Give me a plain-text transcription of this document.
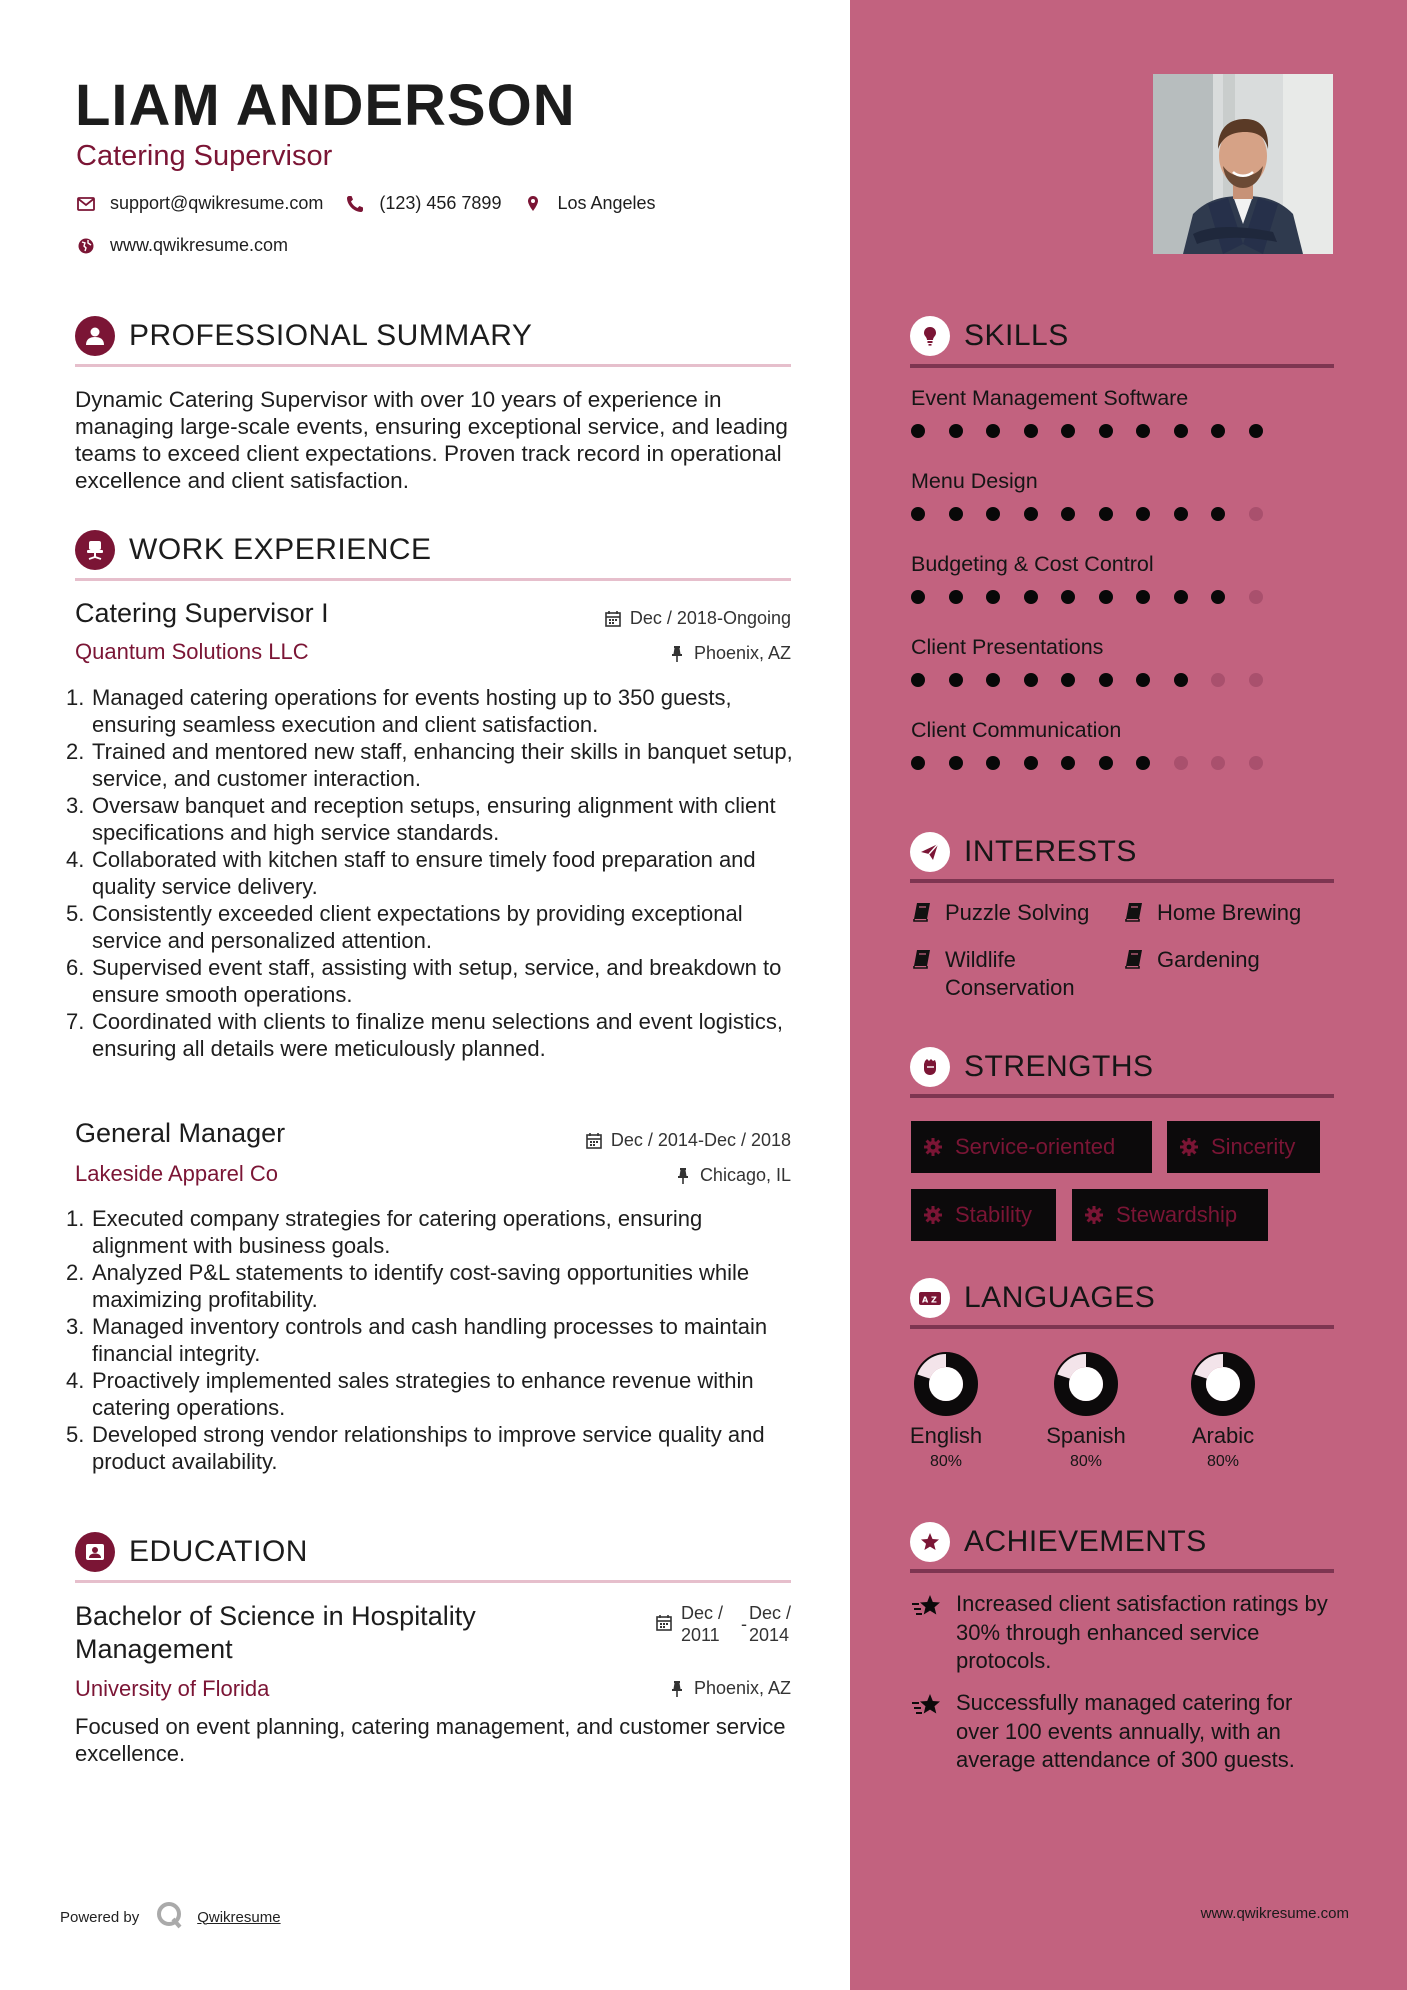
LIAM ANDERSON
Catering Supervisor
support@qwikresume.com	(123) 456 7899	Los Angeles
www.qwikresume.com
PROFESSIONAL SUMMARY
Dynamic Catering Supervisor with over 10 years of experience in managing large-scale events, ensuring exceptional service, and leading teams to exceed client expectations. Proven track record in operational excellence and client satisfaction.
WORK EXPERIENCE
Catering Supervisor I	Dec / 2018-Ongoing
Quantum Solutions LLC	Phoenix, AZ
1. Managed catering operations for events hosting up to 350 guests, ensuring seamless execution and client satisfaction.
2. Trained and mentored new staff, enhancing their skills in banquet setup, service, and customer interaction.
3. Oversaw banquet and reception setups, ensuring alignment with client specifications and high service standards.
4. Collaborated with kitchen staff to ensure timely food preparation and quality service delivery.
5. Consistently exceeded client expectations by providing exceptional service and personalized attention.
6. Supervised event staff, assisting with setup, service, and breakdown to ensure smooth operations.
7. Coordinated with clients to finalize menu selections and event logistics, ensuring all details were meticulously planned.
General Manager	Dec / 2014-Dec / 2018
Lakeside Apparel Co	Chicago, IL
1. Executed company strategies for catering operations, ensuring alignment with business goals.
2. Analyzed P&L statements to identify cost-saving opportunities while maximizing profitability.
3. Managed inventory controls and cash handling processes to maintain financial integrity.
4. Proactively implemented sales strategies to enhance revenue within catering operations.
5. Developed strong vendor relationships to improve service quality and product availability.
EDUCATION
Bachelor of Science in Hospitality
Management
Dec /
2011
-
Dec /
2014
University of Florida	Phoenix, AZ
Focused on event planning, catering management, and customer service excellence.
Powered by	Qwikresume
SKILLS
Event Management Software
Menu Design
Budgeting & Cost Control
Client Presentations
Client Communication
INTERESTS
Puzzle Solving	Home Brewing
Wildlife Conservation
Gardening
STRENGTHS
Service-oriented	Sincerity
Stability	Stewardship
A Z LANGUAGES
English
80%
Spanish
80%
Arabic
80%
ACHIEVEMENTS
Increased client satisfaction ratings by 30% through enhanced service protocols.
Successfully managed catering for over 100 events annually, with an average attendance of 300 guests.
www.qwikresume.com
